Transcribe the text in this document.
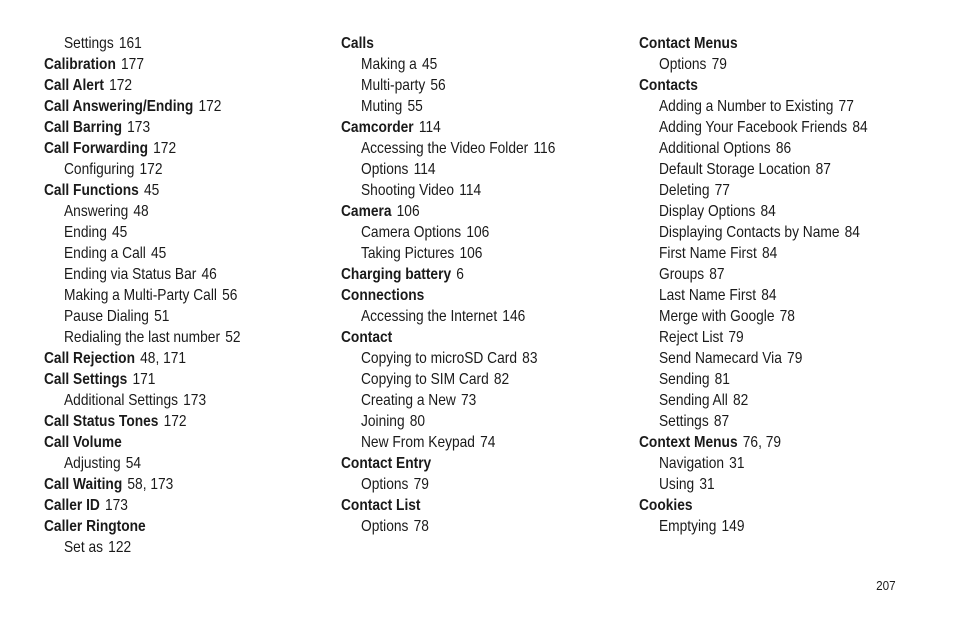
Settings 161
Calibration 177
Call Alert 172
Call Answering/Ending 172
Call Barring 173
Call Forwarding 172
Configuring 172
Call Functions 45
Answering 48
Ending 45
Ending a Call 45
Ending via Status Bar 46
Making a Multi-Party Call 56
Pause Dialing 51
Redialing the last number 52
Call Rejection 48, 171
Call Settings 171
Additional Settings 173
Call Status Tones 172
Call Volume
Adjusting 54
Call Waiting 58, 173
Caller ID 173
Caller Ringtone
Set as 122
Calls
Making a 45
Multi-party 56
Muting 55
Camcorder 114
Accessing the Video Folder 116
Options 114
Shooting Video 114
Camera 106
Camera Options 106
Taking Pictures 106
Charging battery 6
Connections
Accessing the Internet 146
Contact
Copying to microSD Card 83
Copying to SIM Card 82
Creating a New 73
Joining 80
New From Keypad 74
Contact Entry
Options 79
Contact List
Options 78
Contact Menus
Options 79
Contacts
Adding a Number to Existing 77
Adding Your Facebook Friends 84
Additional Options 86
Default Storage Location 87
Deleting 77
Display Options 84
Displaying Contacts by Name 84
First Name First 84
Groups 87
Last Name First 84
Merge with Google 78
Reject List 79
Send Namecard Via 79
Sending 81
Sending All 82
Settings 87
Context Menus 76, 79
Navigation 31
Using 31
Cookies
Emptying 149
207
